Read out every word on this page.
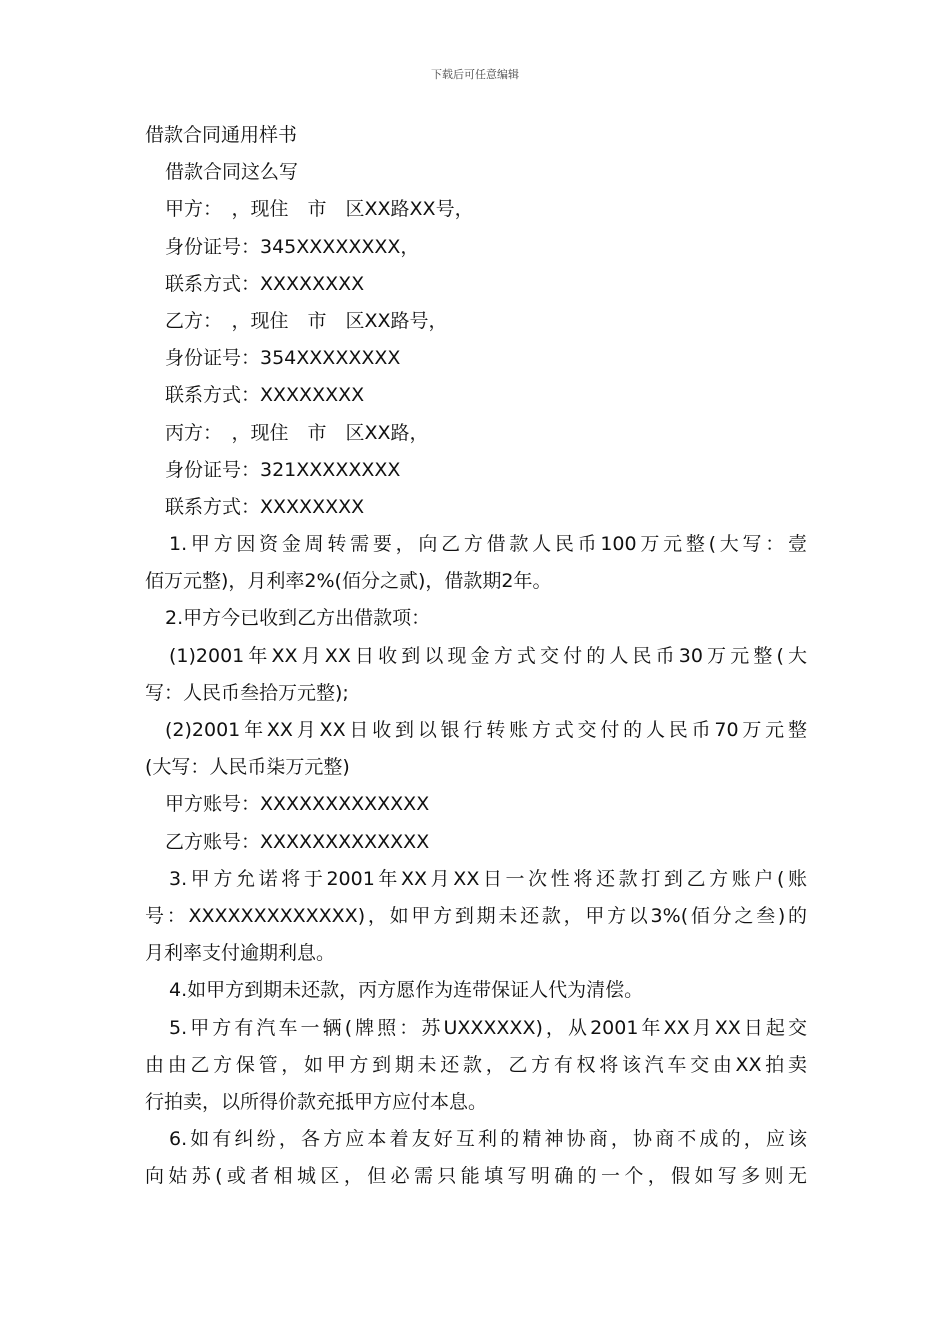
下载后可任意编辑
借款合同通用样书
借款合同这么写
甲方：　，现住　市　区XX路XX号，
身份证号：345XXXXXXXX，
联系方式：XXXXXXXX
乙方：　，现住　市　区XX路号，
身份证号：354XXXXXXXX
联系方式：XXXXXXXX
丙方：　，现住　市　区XX路，
身份证号：321XXXXXXXX
联系方式：XXXXXXXX
1.甲方因资金周转需要，向乙方借款人民币100万元整(大写：壹
佰万元整)，月利率2%(佰分之贰)，借款期2年。
2.甲方今已收到乙方出借款项：
(1)2001年XX月XX日收到以现金方式交付的人民币30万元整(大
写：人民币叁拾万元整);
(2)2001年XX月XX日收到以银行转账方式交付的人民币70万元整
(大写：人民币柒万元整)
甲方账号：XXXXXXXXXXXXX
乙方账号：XXXXXXXXXXXXX
3.甲方允诺将于2001年XX月XX日一次性将还款打到乙方账户(账
号：XXXXXXXXXXXXX)，如甲方到期未还款，甲方以3%(佰分之叁)的
月利率支付逾期利息。
4.如甲方到期未还款，丙方愿作为连带保证人代为清偿。
5.甲方有汽车一辆(牌照：苏UXXXXXX)，从2001年XX月XX日起交
由由乙方保管，如甲方到期未还款，乙方有权将该汽车交由XX拍卖
行拍卖，以所得价款充抵甲方应付本息。
6.如有纠纷，各方应本着友好互利的精神协商，协商不成的，应该
向姑苏(或者相城区，但必需只能填写明确的一个，假如写多则无
